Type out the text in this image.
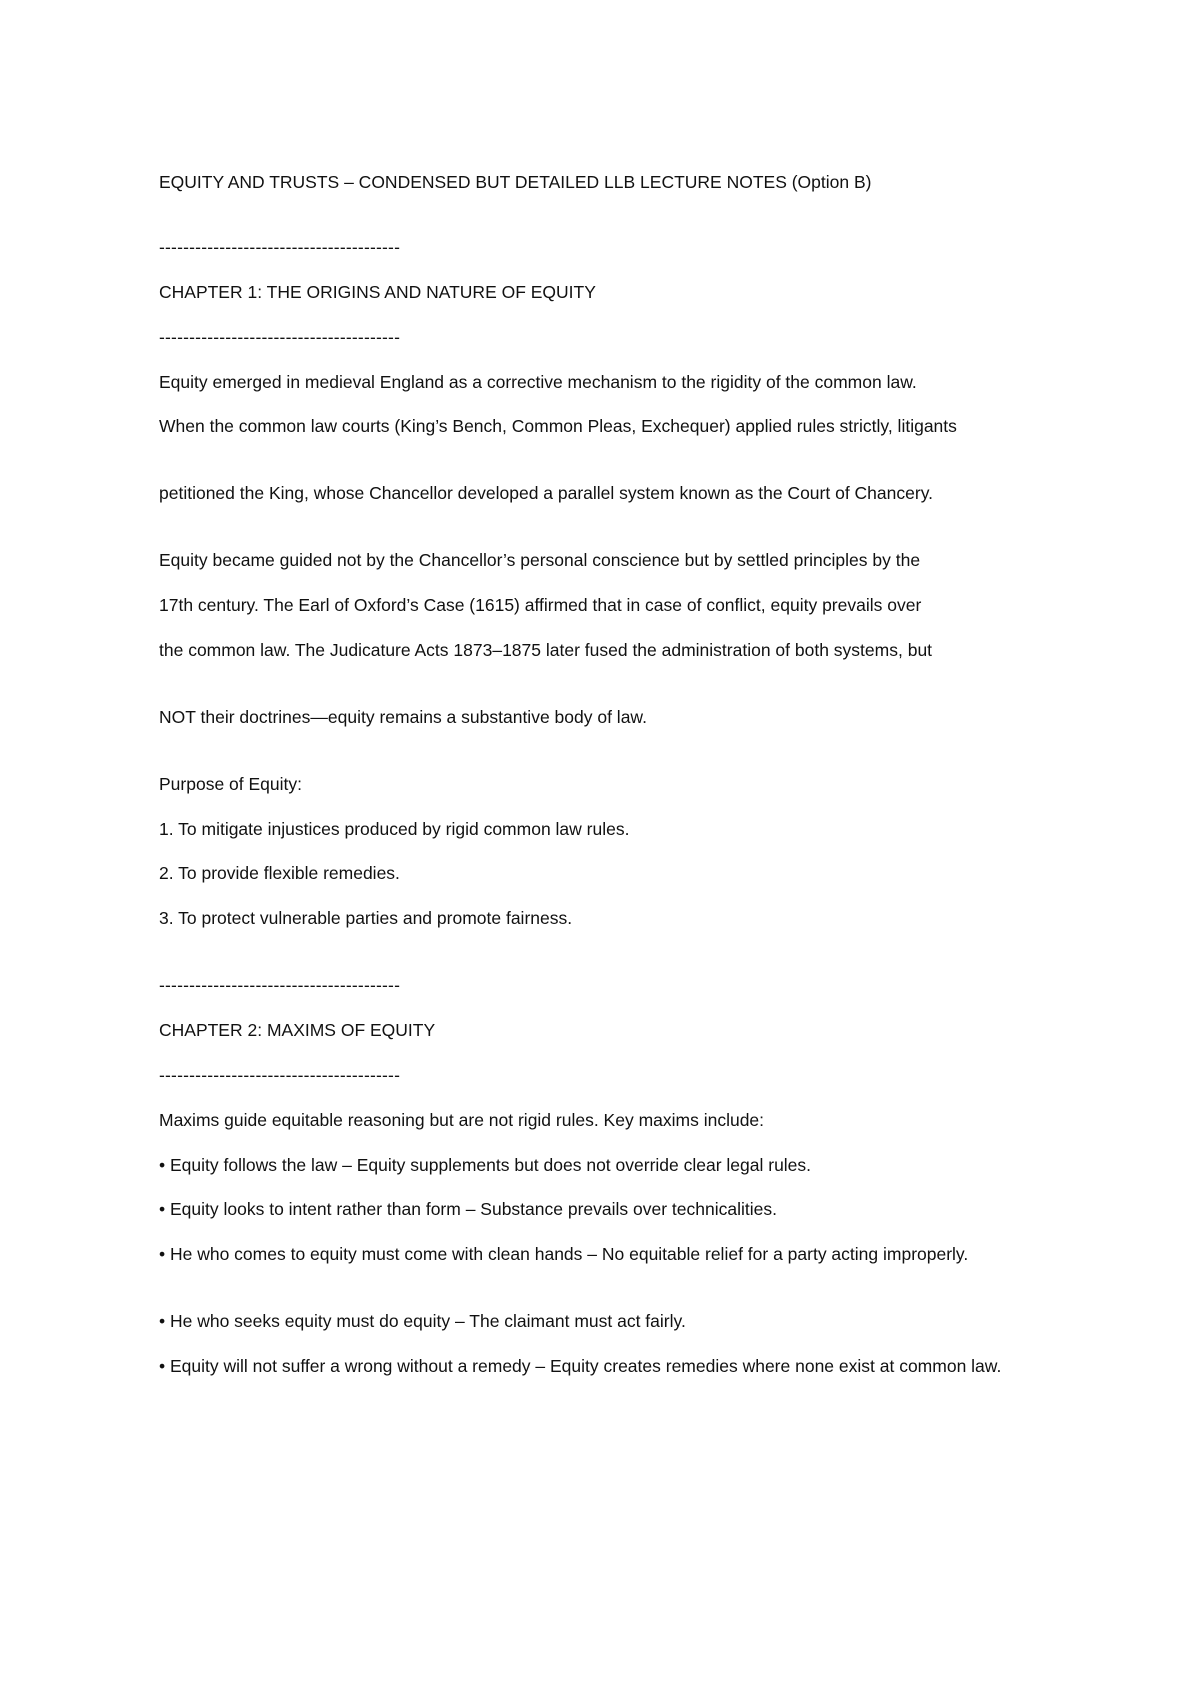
EQUITY AND TRUSTS – CONDENSED BUT DETAILED LLB LECTURE NOTES (Option B)
----------------------------------------
CHAPTER 1: THE ORIGINS AND NATURE OF EQUITY
----------------------------------------
Equity emerged in medieval England as a corrective mechanism to the rigidity of the common law.
When the common law courts (King’s Bench, Common Pleas, Exchequer) applied rules strictly, litigants
petitioned the King, whose Chancellor developed a parallel system known as the Court of Chancery.
Equity became guided not by the Chancellor’s personal conscience but by settled principles by the
17th century. The Earl of Oxford’s Case (1615) affirmed that in case of conflict, equity prevails over
the common law. The Judicature Acts 1873–1875 later fused the administration of both systems, but
NOT their doctrines—equity remains a substantive body of law.
Purpose of Equity:
1. To mitigate injustices produced by rigid common law rules.
2. To provide flexible remedies.
3. To protect vulnerable parties and promote fairness.
----------------------------------------
CHAPTER 2: MAXIMS OF EQUITY
----------------------------------------
Maxims guide equitable reasoning but are not rigid rules. Key maxims include:
• Equity follows the law – Equity supplements but does not override clear legal rules.
• Equity looks to intent rather than form – Substance prevails over technicalities.
• He who comes to equity must come with clean hands – No equitable relief for a party acting improperly.
• He who seeks equity must do equity – The claimant must act fairly.
• Equity will not suffer a wrong without a remedy – Equity creates remedies where none exist at common law.
